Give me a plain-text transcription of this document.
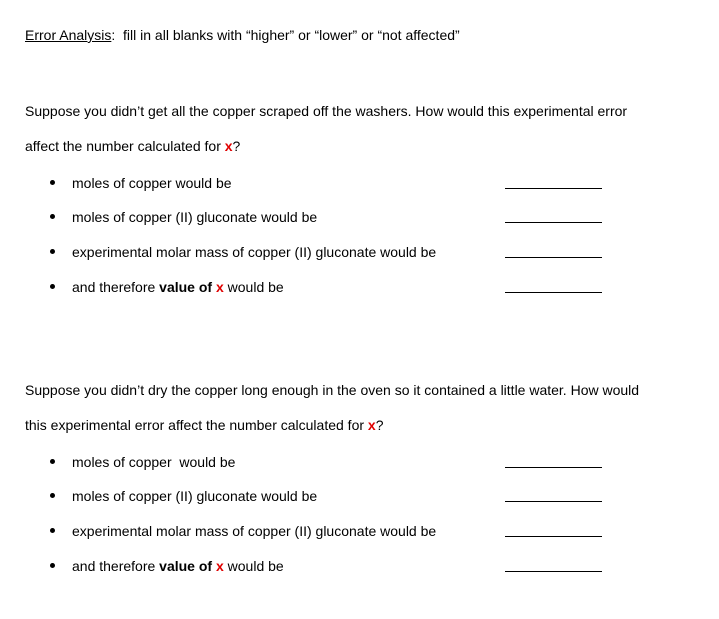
Error Analysis: fill in all blanks with “higher” or “lower” or “not affected”
Suppose you didn’t get all the copper scraped off the washers. How would this experimental error
affect the number calculated for x?
moles of copper would be
moles of copper (II) gluconate would be
experimental molar mass of copper (II) gluconate would be
and therefore value of x would be
Suppose you didn’t dry the copper long enough in the oven so it contained a little water. How would
this experimental error affect the number calculated for x?
moles of copper  would be
moles of copper (II) gluconate would be
experimental molar mass of copper (II) gluconate would be
and therefore value of x would be
